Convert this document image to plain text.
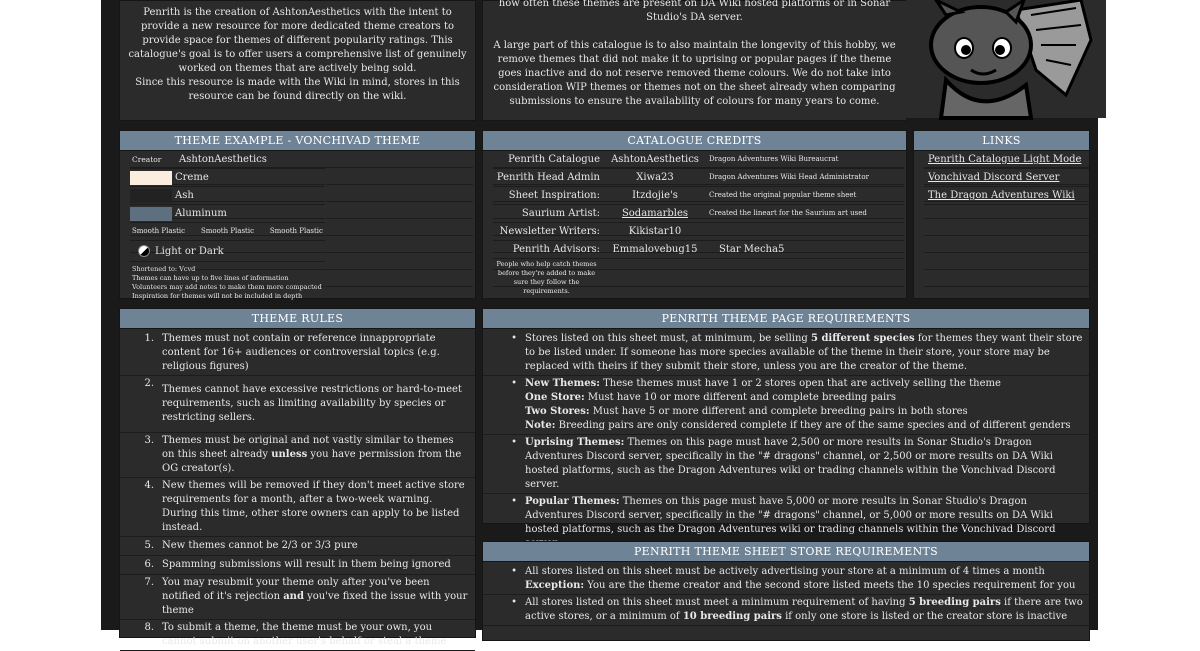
Penrith is the creation of AshtonAesthetics with the intent to
provide a new resource for more dedicated theme creators to
provide space for themes of different popularity ratings. This
catalogue's goal is to offer users a comprehensive list of genuinely
worked on themes that are actively being sold.
Since this resource is made with the Wiki in mind, stores in this
resource can be found directly on the wiki.
how often these themes are present on DA Wiki hosted platforms or in Sonar
Studio's DA server.
A large part of this catalogue is to also maintain the longevity of this hobby, we
remove themes that did not make it to uprising or popular pages if the theme
goes inactive and do not reserve removed theme colours. We do not take into
consideration WIP themes or themes not on the sheet already when comparing
submissions to ensure the availability of colours for many years to come.
THEME EXAMPLE - VONCHIVAD THEME
Creator	AshtonAesthetics
Creme
Ash
Aluminum
Smooth Plastic Smooth Plastic Smooth Plastic
Light or Dark
Shortened to: Vcvd
Themes can have up to five lines of information
Volunteers may add notes to make them more compacted
Inspiration for themes will not be included in depth
CATALOGUE CREDITS
Penrith Catalogue	AshtonAesthetics	Dragon Adventures Wiki Bureaucrat
Penrith Head Admin	Xiwa23	Dragon Adventures Wiki Head Administrator
Sheet Inspiration:	Itzdojie's	Created the original popular theme sheet
Saurium Artist:	Sodamarbles	Created the lineart for the Saurium art used
Newsletter Writers:	Kikistar10
Penrith Advisors:	Emmalovebug15	Star Mecha5
People who help catch themes before they're added to make sure they follow the requirements.
LINKS
Penrith Catalogue Light Mode
Vonchivad Discord Server
The Dragon Adventures Wiki
THEME RULES
1. Themes must not contain or reference innappropriate content for 16+ audiences or controversial topics (e.g. religious figures)
2.
Themes cannot have excessive restrictions or hard-to-meet requirements, such as limiting availability by species or restricting sellers.
3. Themes must be original and not vastly similar to themes on this sheet already unless you have permission from the OG creator(s).
4. New themes will be removed if they don't meet active store requirements for a month, after a two-week warning. During this time, other store owners can apply to be listed instead.
5. New themes cannot be 2/3 or 3/3 pure
6. Spamming submissions will result in them being ignored
7. You may resubmit your theme only after you've been notified of it's rejection and you've fixed the issue with your theme
8. To submit a theme, the theme must be your own, you cannot submit on another user's behalf or steal a theme
PENRITH THEME PAGE REQUIREMENTS
• Stores listed on this sheet must, at minimum, be selling 5 different species for themes they want their store to be listed under. If someone has more species available of the theme in their store, your store may be replaced with theirs if they submit their store, unless you are the creator of the theme.
• New Themes: These themes must have 1 or 2 stores open that are actively selling the theme
One Store: Must have 10 or more different and complete breeding pairs
Two Stores: Must have 5 or more different and complete breeding pairs in both stores
Note: Breeding pairs are only considered complete if they are of the same species and of different genders
• Uprising Themes: Themes on this page must have 2,500 or more results in Sonar Studio's Dragon Adventures Discord server, specifically in the "# dragons" channel, or 2,500 or more results on DA Wiki hosted platforms, such as the Dragon Adventures wiki or trading channels within the Vonchivad Discord server.
• Popular Themes: Themes on this page must have 5,000 or more results in Sonar Studio's Dragon Adventures Discord server, specifically in the "# dragons" channel, or 5,000 or more results on DA Wiki hosted platforms, such as the Dragon Adventures wiki or trading channels within the Vonchivad Discord
PENRITH THEME SHEET STORE REQUIREMENTS
• All stores listed on this sheet must be actively advertising your store at a minimum of 4 times a month
Exception: You are the theme creator and the second store listed meets the 10 species requirement for you
• All stores listed on this sheet must meet a minimum requirement of having 5 breeding pairs if there are two active stores, or a minimum of 10 breeding pairs if only one store is listed or the creator store is inactive
